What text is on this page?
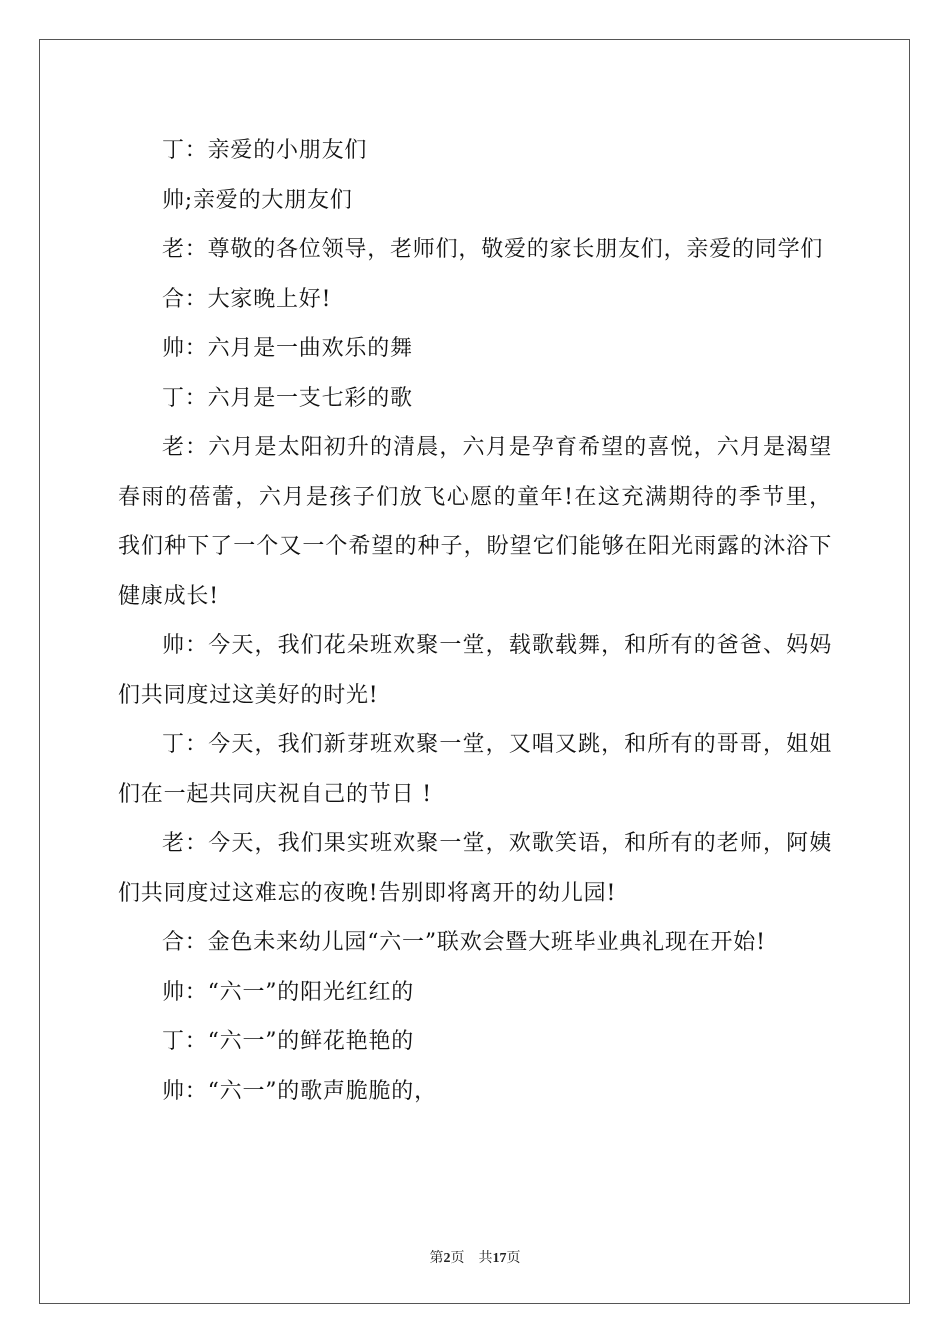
丁：亲爱的小朋友们

帅;亲爱的大朋友们

老：尊敬的各位领导，老师们，敬爱的家长朋友们，亲爱的同学们

合：大家晚上好!

帅：六月是一曲欢乐的舞

丁：六月是一支七彩的歌

老：六月是太阳初升的清晨，六月是孕育希望的喜悦，六月是渴望春雨的蓓蕾，六月是孩子们放飞心愿的童年!在这充满期待的季节里，我们种下了一个又一个希望的种子，盼望它们能够在阳光雨露的沐浴下健康成长!

帅：今天，我们花朵班欢聚一堂，载歌载舞，和所有的爸爸、妈妈们共同度过这美好的时光!

丁：今天，我们新芽班欢聚一堂，又唱又跳，和所有的哥哥，姐姐们在一起共同庆祝自己的节日 !

老：今天，我们果实班欢聚一堂，欢歌笑语，和所有的老师，阿姨们共同度过这难忘的夜晚!告别即将离开的幼儿园!

合：金色未来幼儿园“六一”联欢会暨大班毕业典礼现在开始!

帅：“六一”的阳光红红的

丁：“六一”的鲜花艳艳的

帅：“六一”的歌声脆脆的，

第2页 共17页
